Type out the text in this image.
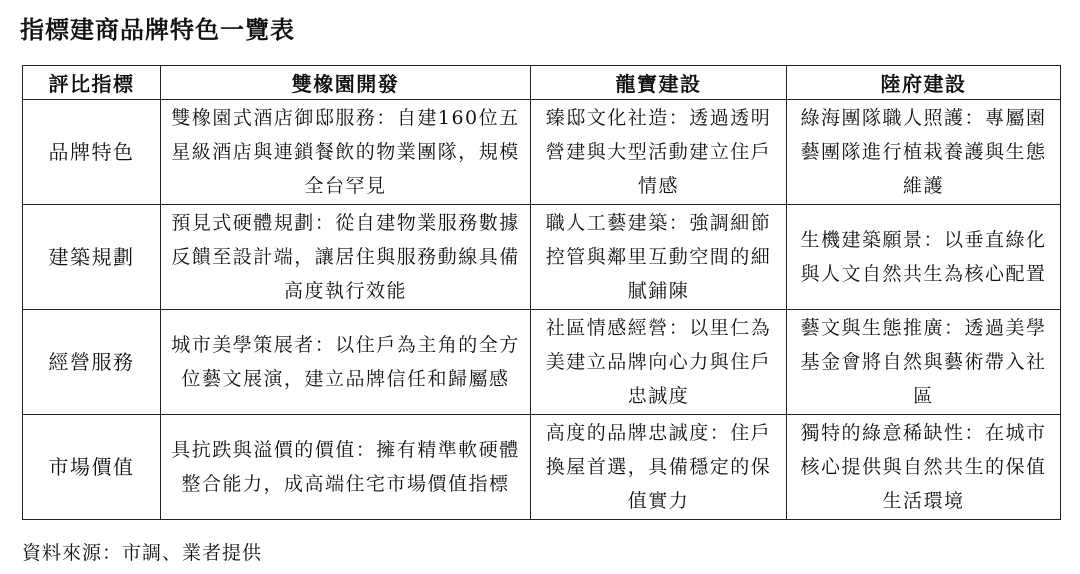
指標建商品牌特色一覽表
評比指標	雙橡園開發	龍寶建設	陸府建設
品牌特色	雙橡園式酒店御邸服務：自建160位五星級酒店與連鎖餐飲的物業團隊，規模全台罕見	臻邸文化社造：透過透明營建與大型活動建立住戶情感	綠海團隊職人照護：專屬園藝團隊進行植栽養護與生態維護
建築規劃	預見式硬體規劃：從自建物業服務數據反饋至設計端，讓居住與服務動線具備高度執行效能	職人工藝建築：強調細節控管與鄰里互動空間的細膩鋪陳	生機建築願景：以垂直綠化與人文自然共生為核心配置
經營服務	城市美學策展者：以住戶為主角的全方位藝文展演，建立品牌信任和歸屬感	社區情感經營：以里仁為美建立品牌向心力與住戶忠誠度	藝文與生態推廣：透過美學基金會將自然與藝術帶入社區
市場價值	具抗跌與溢價的價值：擁有精準軟硬體整合能力，成高端住宅市場價值指標	高度的品牌忠誠度：住戶換屋首選，具備穩定的保值實力	獨特的綠意稀缺性：在城市核心提供與自然共生的保值生活環境
資料來源：市調、業者提供
